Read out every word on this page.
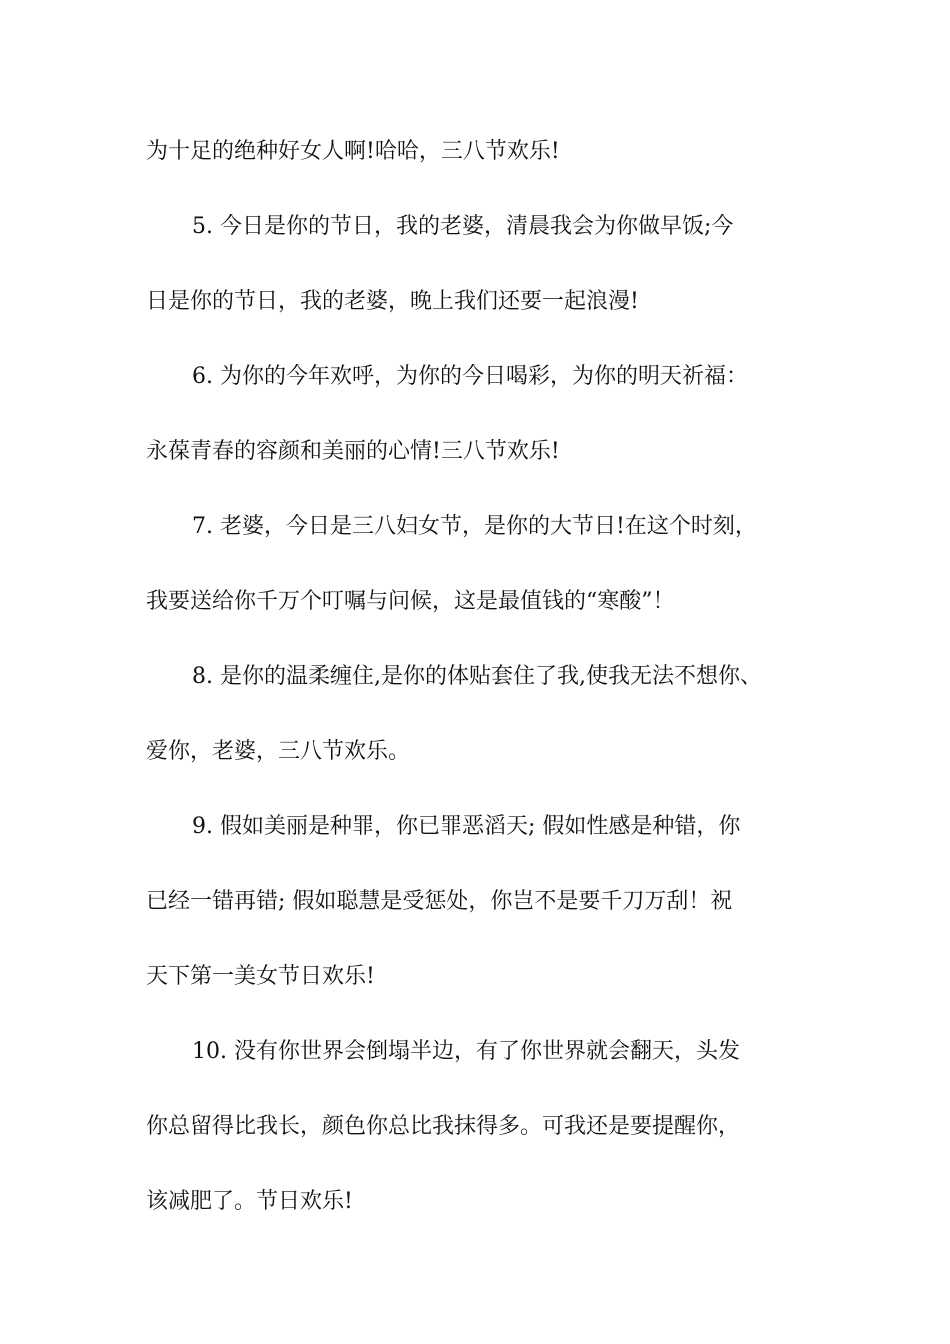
为十足的绝种好女人啊!哈哈，三八节欢乐!
5. 今日是你的节日，我的老婆，清晨我会为你做早饭;今
日是你的节日，我的老婆，晚上我们还要一起浪漫!
6. 为你的今年欢呼，为你的今日喝彩，为你的明天祈福：
永葆青春的容颜和美丽的心情!三八节欢乐!
7. 老婆，今日是三八妇女节，是你的大节日!在这个时刻，
我要送给你千万个叮嘱与问候，这是最值钱的“寒酸”！
8. 是你的温柔缠住,是你的体贴套住了我,使我无法不想你、
爱你，老婆，三八节欢乐。
9. 假如美丽是种罪，你已罪恶滔天; 假如性感是种错，你
已经一错再错; 假如聪慧是受惩处，你岂不是要千刀万刮！祝
天下第一美女节日欢乐!
10. 没有你世界会倒塌半边，有了你世界就会翻天，头发
你总留得比我长，颜色你总比我抹得多。可我还是要提醒你，
该减肥了。节日欢乐!
